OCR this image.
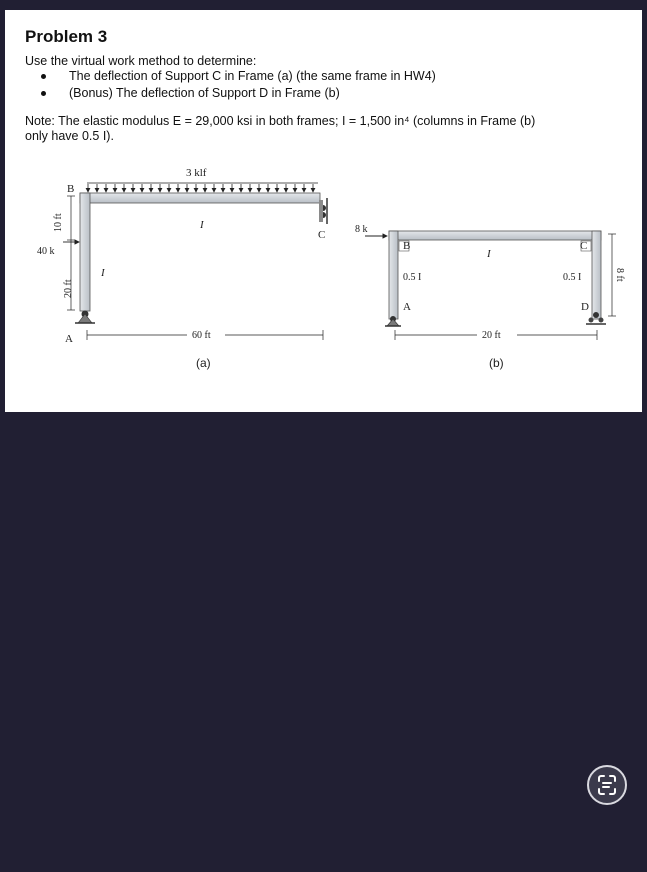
Problem 3
Use the virtual work method to determine:
The deflection of Support C in Frame (a) (the same frame in HW4)
(Bonus) The deflection of Support D in Frame (b)
Note: The elastic modulus E = 29,000 ksi in both frames; I = 1,500 in⁴ (columns in Frame (b)
only have 0.5 I).
3 klf
40 k
10 ft
20 ft
B
A
C
I
I
60 ft
(a)
8 k
B
A
C
D
I
0.5 I	0.5 I	8 ft
20 ft
(b)
